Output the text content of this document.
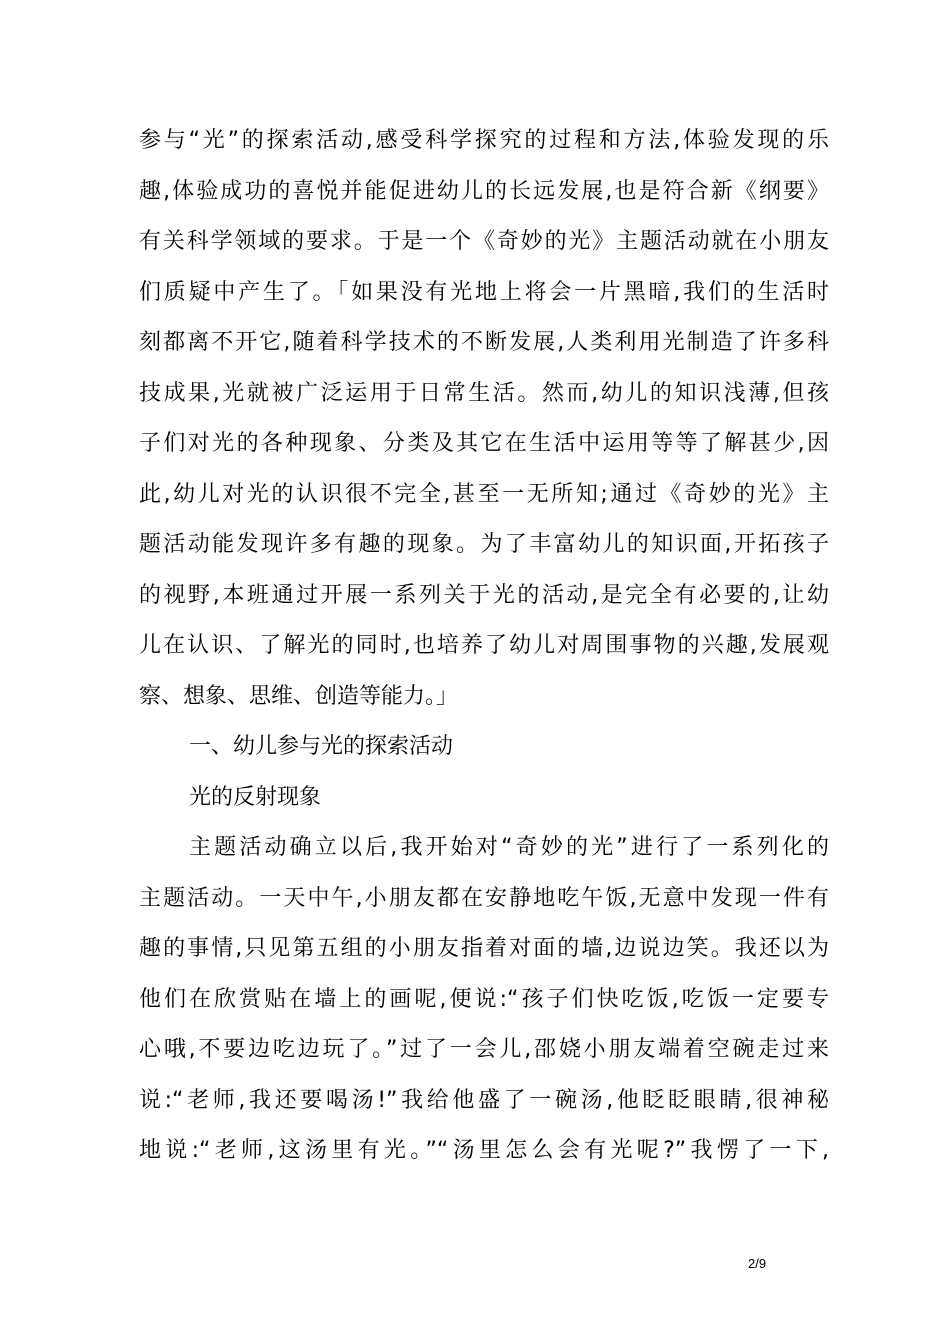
参与“光”的探索活动,感受科学探究的过程和方法,体验发现的乐
趣,体验成功的喜悦并能促进幼儿的长远发展,也是符合新《纲要》
有关科学领域的要求。于是一个《奇妙的光》主题活动就在小朋友
们质疑中产生了。「如果没有光地上将会一片黑暗,我们的生活时
刻都离不开它,随着科学技术的不断发展,人类利用光制造了许多科
技成果,光就被广泛运用于日常生活。然而,幼儿的知识浅薄,但孩
子们对光的各种现象、分类及其它在生活中运用等等了解甚少,因
此,幼儿对光的认识很不完全,甚至一无所知;通过《奇妙的光》主
题活动能发现许多有趣的现象。为了丰富幼儿的知识面,开拓孩子
的视野,本班通过开展一系列关于光的活动,是完全有必要的,让幼
儿在认识、了解光的同时,也培养了幼儿对周围事物的兴趣,发展观
察、想象、思维、创造等能力。」
一、幼儿参与光的探索活动
光的反射现象
主题活动确立以后,我开始对“奇妙的光”进行了一系列化的
主题活动。一天中午,小朋友都在安静地吃午饭,无意中发现一件有
趣的事情,只见第五组的小朋友指着对面的墙,边说边笑。我还以为
他们在欣赏贴在墙上的画呢,便说:“孩子们快吃饭,吃饭一定要专
心哦,不要边吃边玩了。”过了一会儿,邵娆小朋友端着空碗走过来
说:“老师,我还要喝汤!”我给他盛了一碗汤,他眨眨眼睛,很神秘
地说:“老师,这汤里有光。”“汤里怎么会有光呢?”我愣了一下,
2/9
